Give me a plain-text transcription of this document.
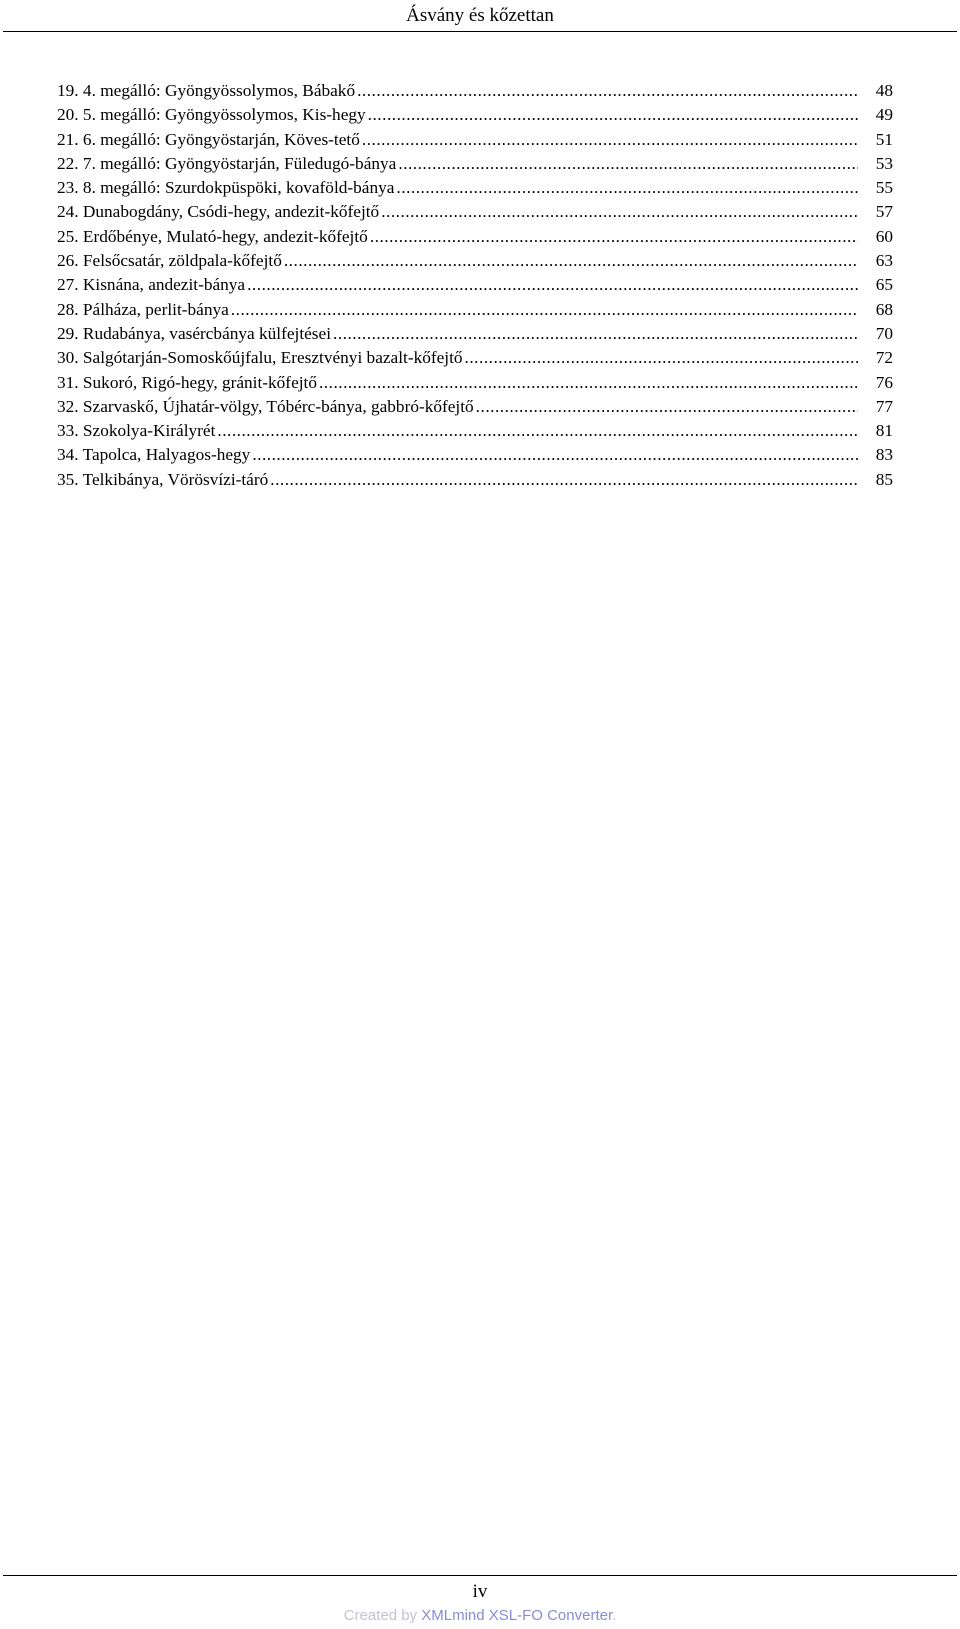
Ásvány és kőzettan
19. 4. megálló: Gyöngyössolymos, Bábakő .....	48
20. 5. megálló: Gyöngyössolymos, Kis-hegy .....	49
21. 6. megálló: Gyöngyöstarján, Köves-tető .....	51
22. 7. megálló: Gyöngyöstarján, Füledugó-bánya .....	53
23. 8. megálló: Szurdokpüspöki, kovaföld-bánya .....	55
24. Dunabogdány, Csódi-hegy, andezit-kőfejtő .....	57
25. Erdőbénye, Mulató-hegy, andezit-kőfejtő .....	60
26. Felsőcsatár, zöldpala-kőfejtő .....	63
27. Kisnána, andezit-bánya .....	65
28. Pálháza, perlit-bánya .....	68
29. Rudabánya, vasércbánya külfejtései .....	70
30. Salgótarján-Somoskőújfalu, Eresztvényi bazalt-kőfejtő .....	72
31. Sukoró, Rigó-hegy, gránit-kőfejtő .....	76
32. Szarvaskő, Újhatár-völgy, Tóbérc-bánya, gabbró-kőfejtő .....	77
33. Szokolya-Királyrét .....	81
34. Tapolca, Halyagos-hegy .....	83
35. Telkibánya, Vörösvízi-táró .....	85
iv
Created by XMLmind XSL-FO Converter.
